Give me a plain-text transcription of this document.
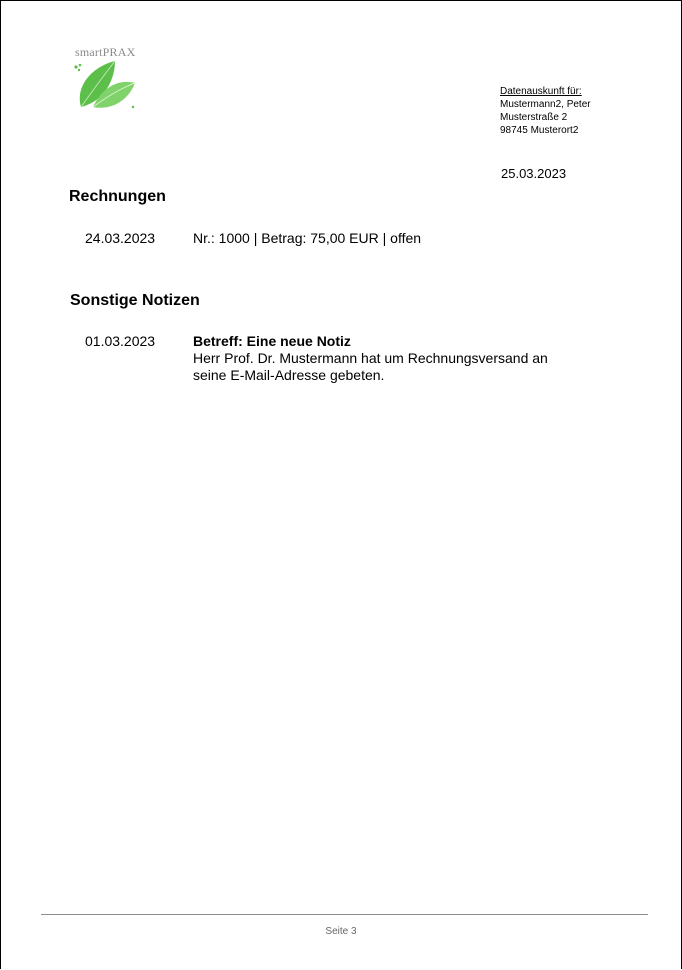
smartPRAX
Datenauskunft für:
Mustermann2, Peter
Musterstraße 2
98745 Musterort2
25.03.2023
Rechnungen
24.03.2023	Nr.: 1000 | Betrag: 75,00 EUR | offen
Sonstige Notizen
01.03.2023	Betreff: Eine neue Notiz
Herr Prof. Dr. Mustermann hat um Rechnungsversand an seine E-Mail-Adresse gebeten.
Seite 3
